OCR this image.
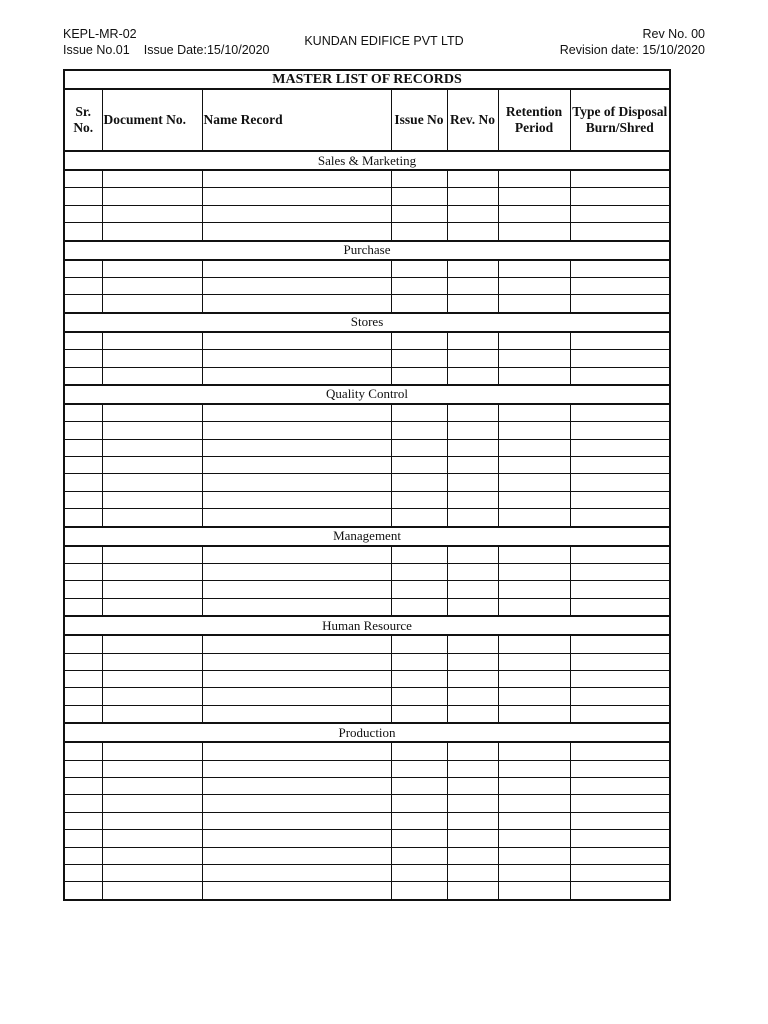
KEPL-MR-02
Issue No.01 Issue Date:15/10/2020
KUNDAN EDIFICE PVT LTD	Rev No. 00
Revision date: 15/10/2020
MASTER LIST OF RECORDS						
Sr. No.	Document No.	Name Record	Issue No	Rev. No	Retention Period	Type of Disposal Burn/Shred
Sales & Marketing						

Purchase						

Stores						

Quality Control						

Management						

Human Resource						

Production						
